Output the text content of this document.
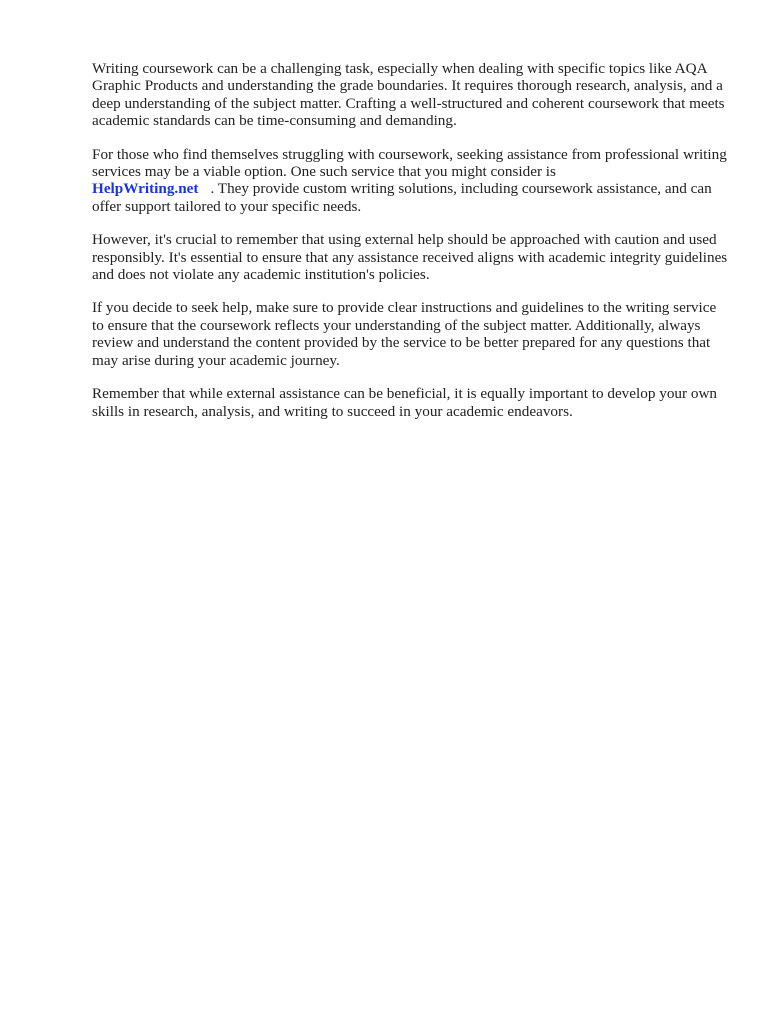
Writing coursework can be a challenging task, especially when dealing with specific topics like AQA Graphic Products and understanding the grade boundaries. It requires thorough research, analysis, and a deep understanding of the subject matter. Crafting a well-structured and coherent coursework that meets academic standards can be time-consuming and demanding.

For those who find themselves struggling with coursework, seeking assistance from professional writing services may be a viable option. One such service that you might consider is
HelpWriting.net . They provide custom writing solutions, including coursework assistance, and can offer support tailored to your specific needs.

However, it's crucial to remember that using external help should be approached with caution and used responsibly. It's essential to ensure that any assistance received aligns with academic integrity guidelines and does not violate any academic institution's policies.

If you decide to seek help, make sure to provide clear instructions and guidelines to the writing service to ensure that the coursework reflects your understanding of the subject matter. Additionally, always review and understand the content provided by the service to be better prepared for any questions that may arise during your academic journey.

Remember that while external assistance can be beneficial, it is equally important to develop your own skills in research, analysis, and writing to succeed in your academic endeavors.
